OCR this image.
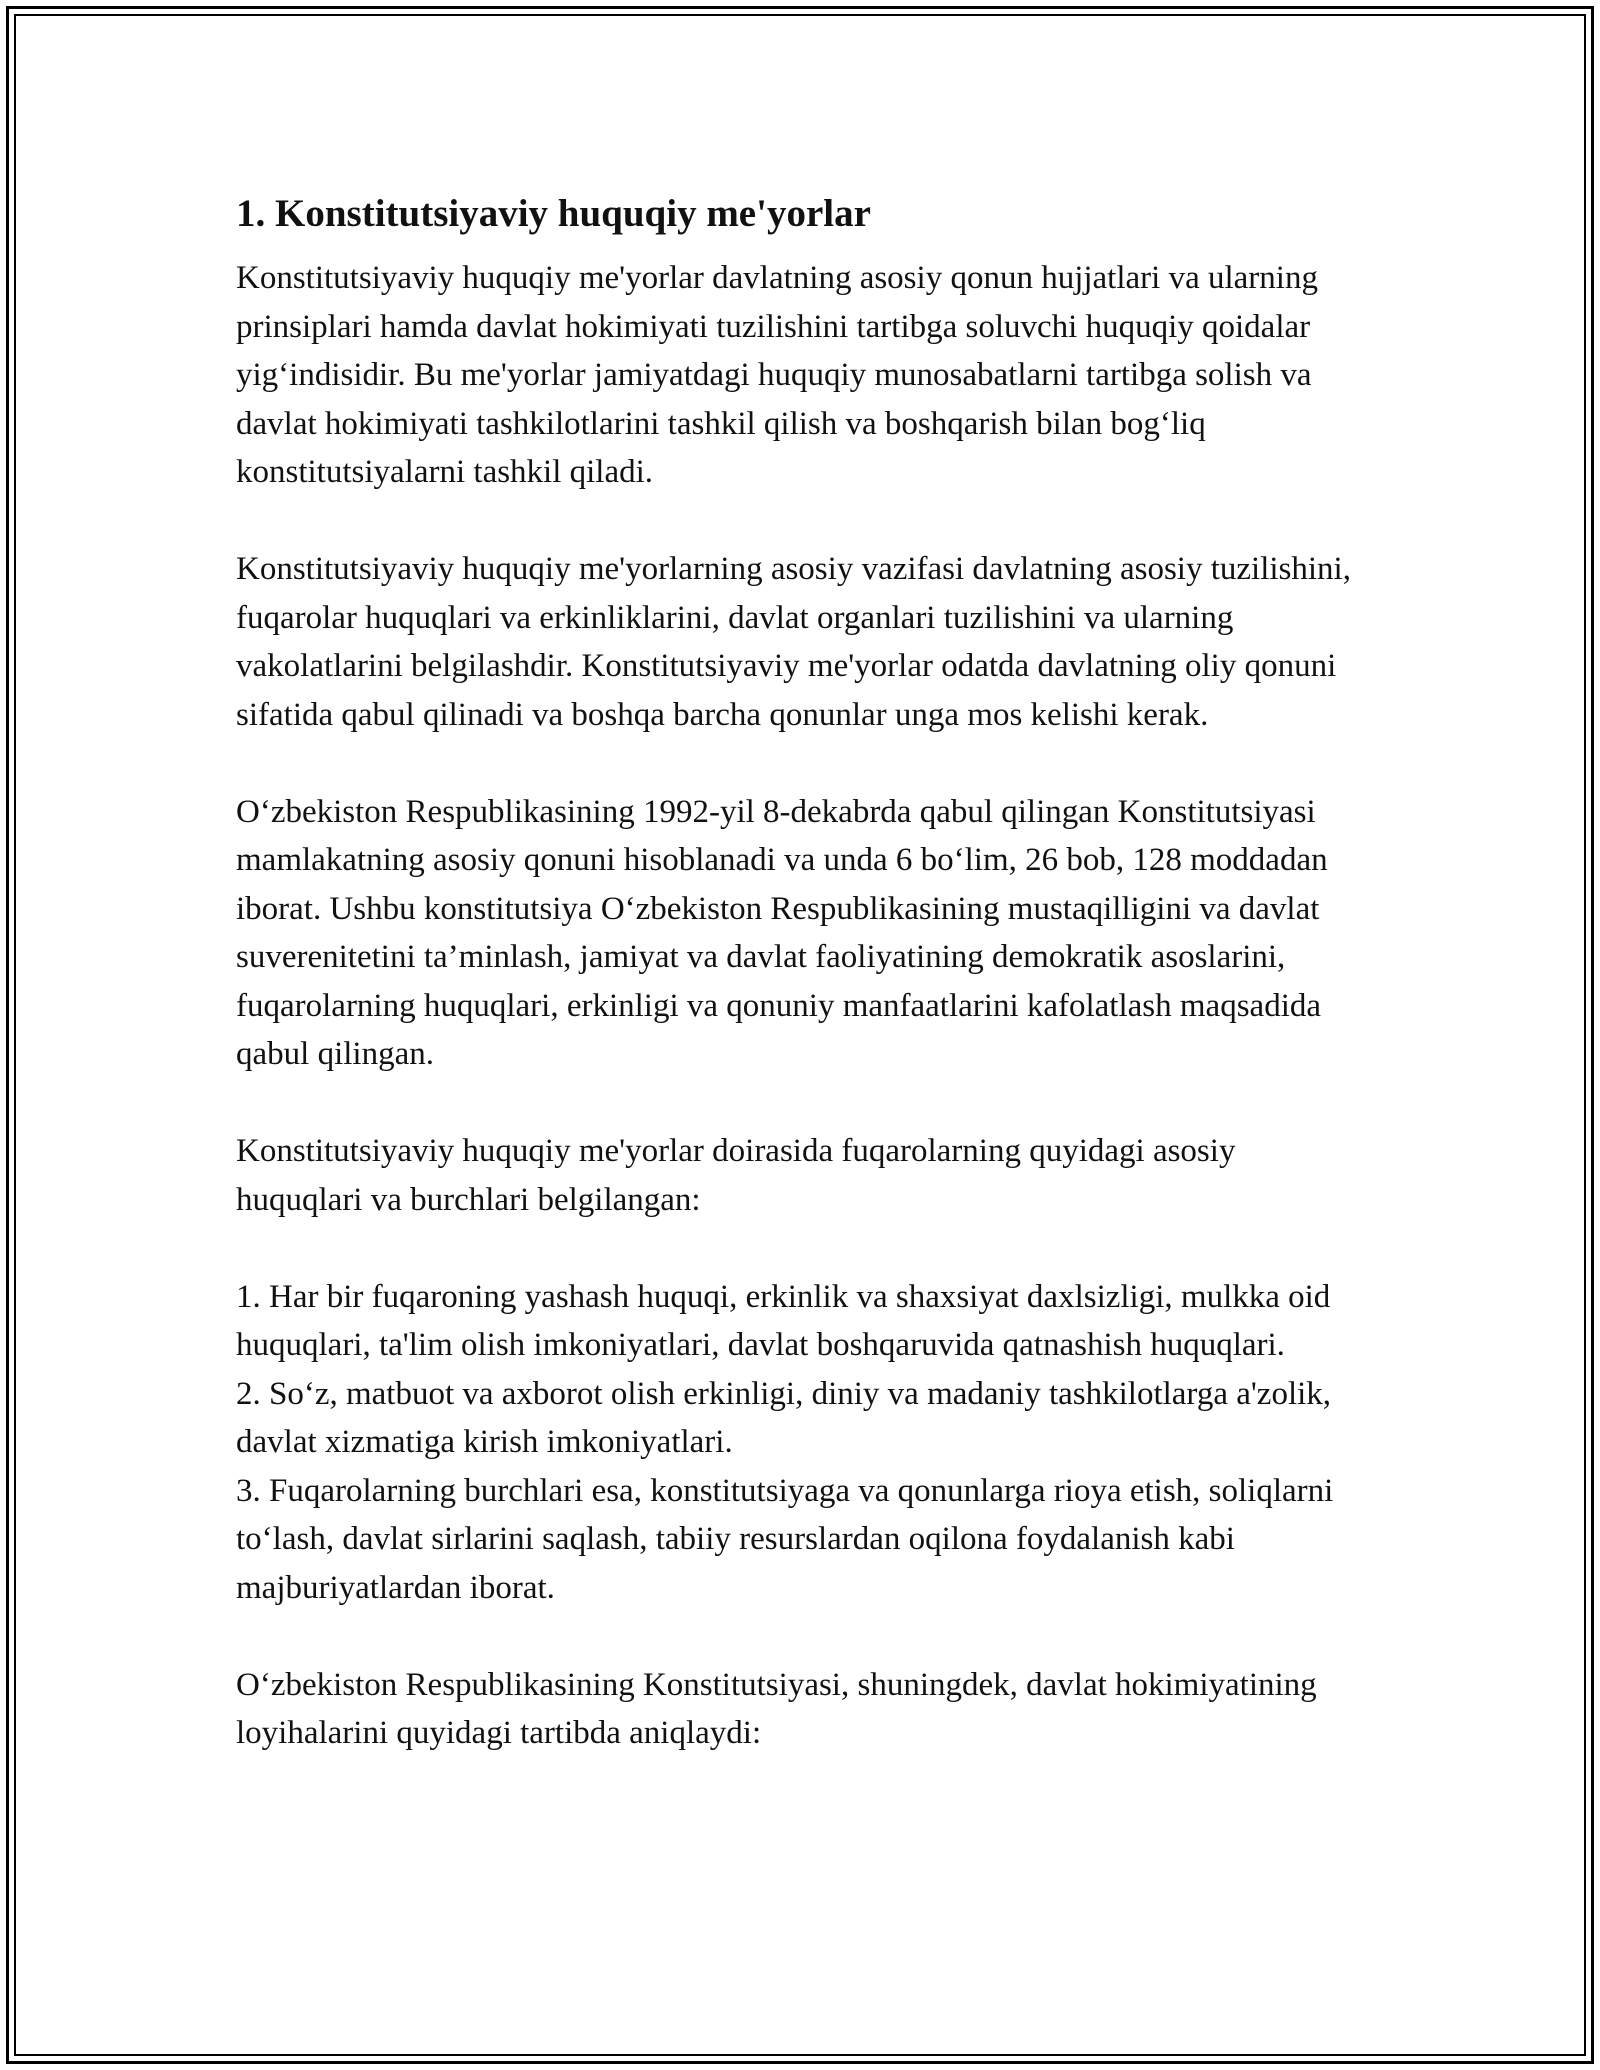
1. Konstitutsiyaviy huquqiy me'yorlar

Konstitutsiyaviy huquqiy me'yorlar davlatning asosiy qonun hujjatlari va ularning prinsiplari hamda davlat hokimiyati tuzilishini tartibga soluvchi huquqiy qoidalar yig‘indisidir. Bu me'yorlar jamiyatdagi huquqiy munosabatlarni tartibga solish va davlat hokimiyati tashkilotlarini tashkil qilish va boshqarish bilan bog‘liq konstitutsiyalarni tashkil qiladi.

Konstitutsiyaviy huquqiy me'yorlarning asosiy vazifasi davlatning asosiy tuzilishini, fuqarolar huquqlari va erkinliklarini, davlat organlari tuzilishini va ularning vakolatlarini belgilashdir. Konstitutsiyaviy me'yorlar odatda davlatning oliy qonuni sifatida qabul qilinadi va boshqa barcha qonunlar unga mos kelishi kerak.

O‘zbekiston Respublikasining 1992-yil 8-dekabrda qabul qilingan Konstitutsiyasi mamlakatning asosiy qonuni hisoblanadi va unda 6 bo‘lim, 26 bob, 128 moddadan iborat. Ushbu konstitutsiya O‘zbekiston Respublikasining mustaqilligini va davlat suverenitetini ta’minlash, jamiyat va davlat faoliyatining demokratik asoslarini, fuqarolarning huquqlari, erkinligi va qonuniy manfaatlarini kafolatlash maqsadida qabul qilingan.

Konstitutsiyaviy huquqiy me'yorlar doirasida fuqarolarning quyidagi asosiy huquqlari va burchlari belgilangan:

1. Har bir fuqaroning yashash huquqi, erkinlik va shaxsiyat daxlsizligi, mulkka oid huquqlari, ta'lim olish imkoniyatlari, davlat boshqaruvida qatnashish huquqlari.

2. So‘z, matbuot va axborot olish erkinligi, diniy va madaniy tashkilotlarga a'zolik, davlat xizmatiga kirish imkoniyatlari.

3. Fuqarolarning burchlari esa, konstitutsiyaga va qonunlarga rioya etish, soliqlarni to‘lash, davlat sirlarini saqlash, tabiiy resurslardan oqilona foydalanish kabi majburiyatlardan iborat.

O‘zbekiston Respublikasining Konstitutsiyasi, shuningdek, davlat hokimiyatining loyihalarini quyidagi tartibda aniqlaydi:
